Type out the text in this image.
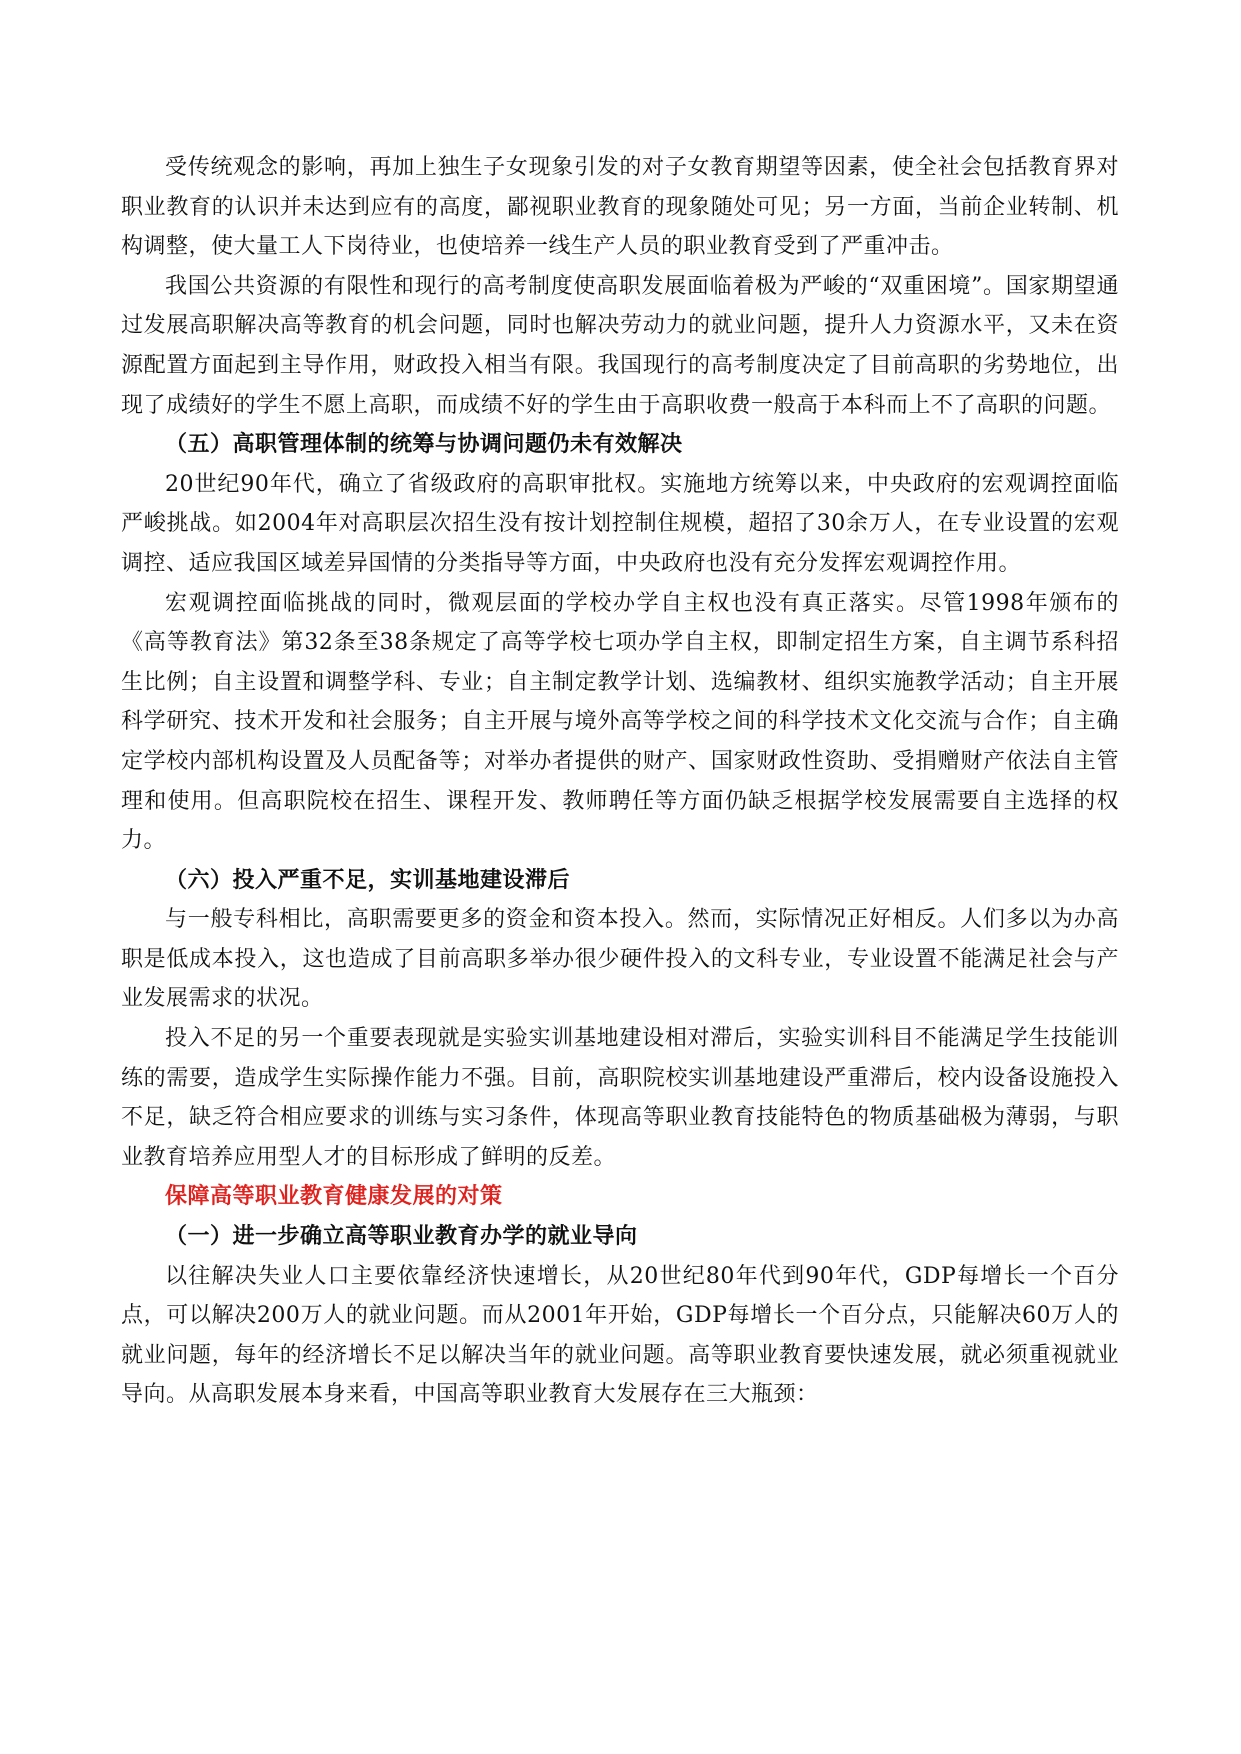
受传统观念的影响，再加上独生子女现象引发的对子女教育期望等因素，使全社会包括教育界对职业教育的认识并未达到应有的高度，鄙视职业教育的现象随处可见；另一方面，当前企业转制、机构调整，使大量工人下岗待业，也使培养一线生产人员的职业教育受到了严重冲击。

我国公共资源的有限性和现行的高考制度使高职发展面临着极为严峻的“双重困境”。国家期望通过发展高职解决高等教育的机会问题，同时也解决劳动力的就业问题，提升人力资源水平，又未在资源配置方面起到主导作用，财政投入相当有限。我国现行的高考制度决定了目前高职的劣势地位，出现了成绩好的学生不愿上高职，而成绩不好的学生由于高职收费一般高于本科而上不了高职的问题。

（五）高职管理体制的统筹与协调问题仍未有效解决

20世纪90年代，确立了省级政府的高职审批权。实施地方统筹以来，中央政府的宏观调控面临严峻挑战。如2004年对高职层次招生没有按计划控制住规模，超招了30余万人，在专业设置的宏观调控、适应我国区域差异国情的分类指导等方面，中央政府也没有充分发挥宏观调控作用。

宏观调控面临挑战的同时，微观层面的学校办学自主权也没有真正落实。尽管1998年颁布的《高等教育法》第32条至38条规定了高等学校七项办学自主权，即制定招生方案，自主调节系科招生比例；自主设置和调整学科、专业；自主制定教学计划、选编教材、组织实施教学活动；自主开展科学研究、技术开发和社会服务；自主开展与境外高等学校之间的科学技术文化交流与合作；自主确定学校内部机构设置及人员配备等；对举办者提供的财产、国家财政性资助、受捐赠财产依法自主管理和使用。但高职院校在招生、课程开发、教师聘任等方面仍缺乏根据学校发展需要自主选择的权力。

（六）投入严重不足，实训基地建设滞后

与一般专科相比，高职需要更多的资金和资本投入。然而，实际情况正好相反。人们多以为办高职是低成本投入，这也造成了目前高职多举办很少硬件投入的文科专业，专业设置不能满足社会与产业发展需求的状况。

投入不足的另一个重要表现就是实验实训基地建设相对滞后，实验实训科目不能满足学生技能训练的需要，造成学生实际操作能力不强。目前，高职院校实训基地建设严重滞后，校内设备设施投入不足，缺乏符合相应要求的训练与实习条件，体现高等职业教育技能特色的物质基础极为薄弱，与职业教育培养应用型人才的目标形成了鲜明的反差。

保障高等职业教育健康发展的对策

（一）进一步确立高等职业教育办学的就业导向

以往解决失业人口主要依靠经济快速增长，从20世纪80年代到90年代，GDP每增长一个百分点，可以解决200万人的就业问题。而从2001年开始，GDP每增长一个百分点，只能解决60万人的就业问题，每年的经济增长不足以解决当年的就业问题。高等职业教育要快速发展，就必须重视就业导向。从高职发展本身来看，中国高等职业教育大发展存在三大瓶颈：
